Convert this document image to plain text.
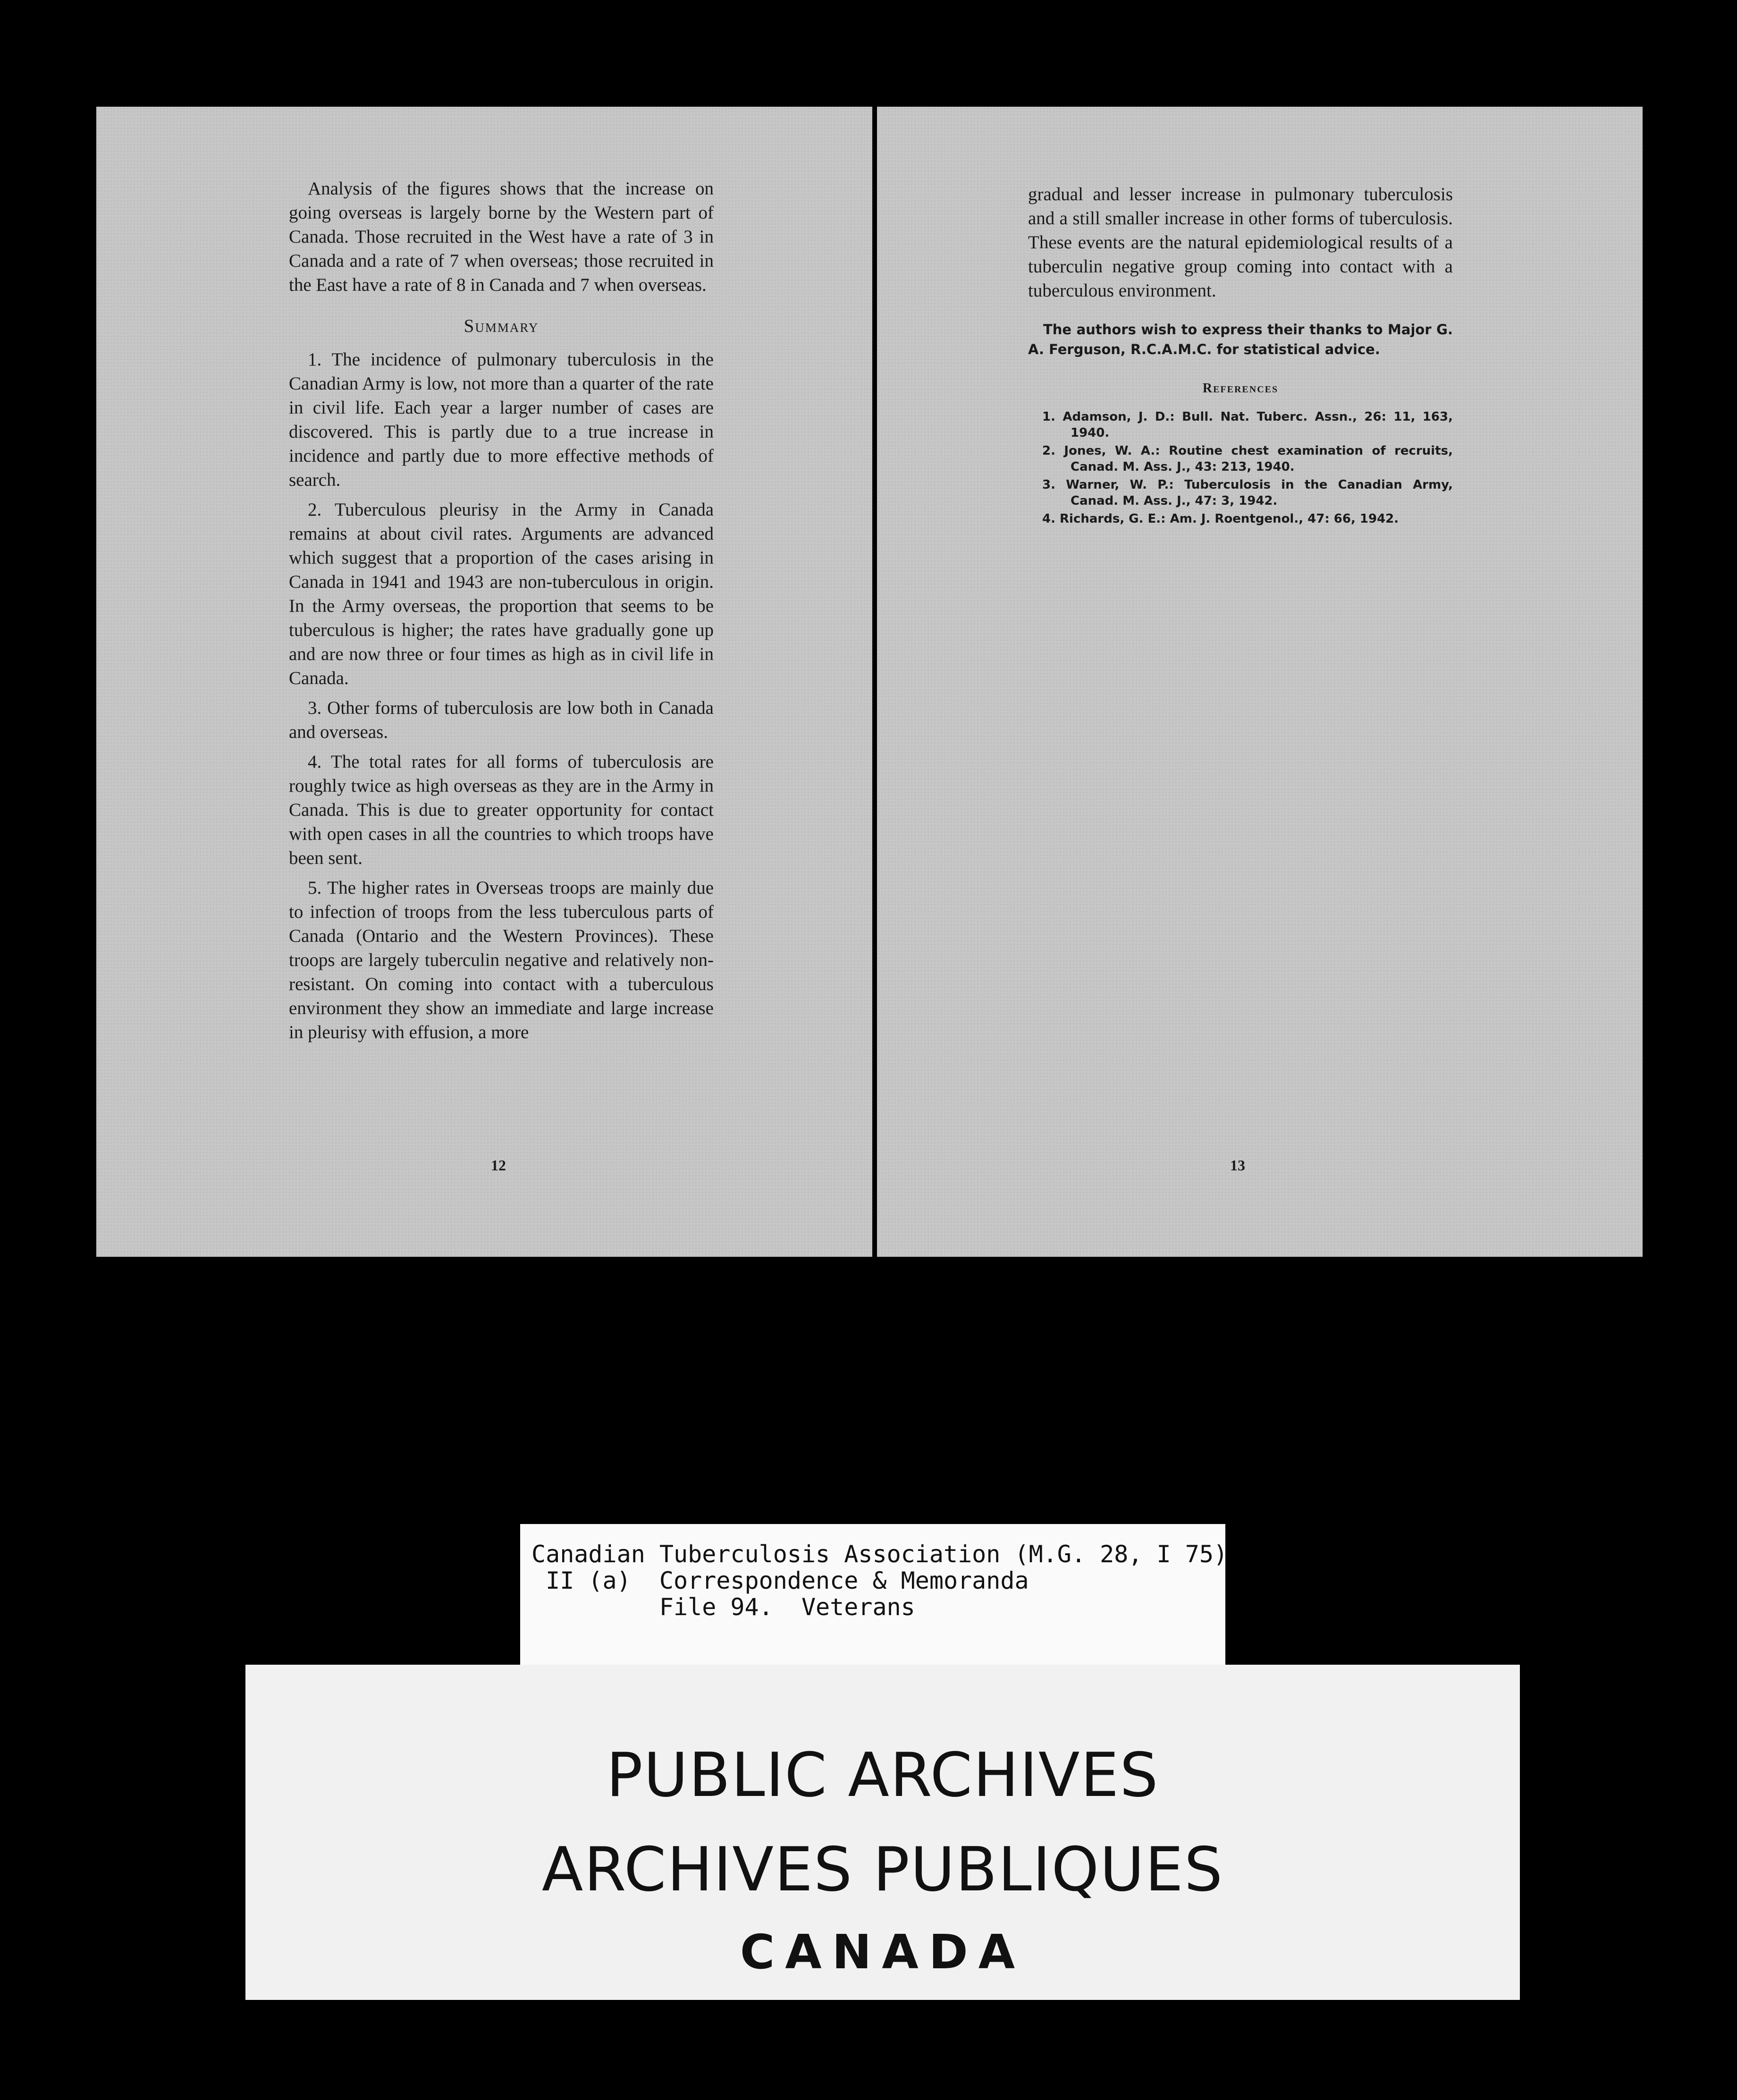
Analysis of the figures shows that the increase on going overseas is largely borne by the Western part of Canada. Those recruited in the West have a rate of 3 in Canada and a rate of 7 when overseas; those recruited in the East have a rate of 8 in Canada and 7 when overseas.

Summary

1. The incidence of pulmonary tuberculosis in the Canadian Army is low, not more than a quarter of the rate in civil life. Each year a larger number of cases are discovered. This is partly due to a true increase in incidence and partly due to more effective methods of search.

2. Tuberculous pleurisy in the Army in Canada remains at about civil rates. Arguments are advanced which suggest that a proportion of the cases arising in Canada in 1941 and 1943 are non-tuberculous in origin. In the Army overseas, the proportion that seems to be tuberculous is higher; the rates have gradually gone up and are now three or four times as high as in civil life in Canada.

3. Other forms of tuberculosis are low both in Canada and overseas.

4. The total rates for all forms of tuberculosis are roughly twice as high overseas as they are in the Army in Canada. This is due to greater opportunity for contact with open cases in all the countries to which troops have been sent.

5. The higher rates in Overseas troops are mainly due to infection of troops from the less tuberculous parts of Canada (Ontario and the Western Provinces). These troops are largely tuberculin negative and relatively non-resistant. On coming into contact with a tuberculous environment they show an immediate and large increase in pleurisy with effusion, a more

12

gradual and lesser increase in pulmonary tuberculosis and a still smaller increase in other forms of tuberculosis. These events are the natural epidemiological results of a tuberculin negative group coming into contact with a tuberculous environment.

The authors wish to express their thanks to Major G. A. Ferguson, R.C.A.M.C. for statistical advice.

References
1. Adamson, J. D.: Bull. Nat. Tuberc. Assn., 26: 11, 163, 1940.
2. Jones, W. A.: Routine chest examination of recruits, Canad. M. Ass. J., 43: 213, 1940.
3. Warner, W. P.: Tuberculosis in the Canadian Army, Canad. M. Ass. J., 47: 3, 1942.
4. Richards, G. E.: Am. J. Roentgenol., 47: 66, 1942.
13
Canadian Tuberculosis Association (M.G. 28, I 75)
II (a)  Correspondence & Memoranda
File 94.  Veterans
PUBLIC ARCHIVES
ARCHIVES PUBLIQUES
CANADA
